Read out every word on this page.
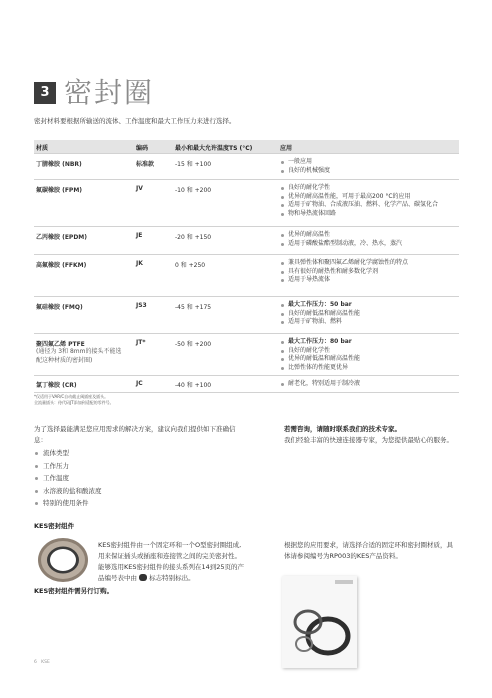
3 密封圈
密封材料要根据所输送的流体、工作温度和最大工作压力来进行选择。
材质	编码	最小和最大允许温度TS (°C)	应用
丁腈橡胶 (NBR)	标准款	-15 和 +100	一般应用
良好的机械强度
氟碳橡胶 (FPM)	JV	-10 和 +200	良好的耐化学性
优异的耐高温性能，可用于最高200 °C的应用
适用于矿物油、合成液压油、燃料、化学产品、碳氢化合
物和导热流体回路
乙丙橡胶 (EPDM)	JE	-20 和 +150	优异的耐高温性
适用于磷酸盐酯型制动液，冷、热水，蒸汽
高氟橡胶 (FFKM)	JK	0 和 +250	兼具弹性体和聚四氟乙烯耐化学腐蚀性的特点
具有很好的耐热性和耐多数化学剂
适用于导热流体
氟硅橡胶 (FMQ)	JS3	-45 和 +175	最大工作压力：50 bar
良好的耐低温和耐高温性能
适用于矿物油、燃料
聚四氟乙烯 PTFE
(通径为 3和 8mm的接头不能选
配这种材质的密封圈)
JT*	-50 和 +200	最大工作压力：80 bar
良好的耐化学性
优异的耐低温和耐高温性能
比弹性体的性能更优异
氯丁橡胶 (CR)	JC	-40 和 +100	耐老化，特别适用于制冷液
*仅适用于VAR/C自动截止阀插座及插头。
全流量插头：待代码JT添加到适配的零件号。
为了选择最能满足您应用需求的解决方案，建议向我们提供如下准确信息：
流体类型
工作压力
工作温度
水溶液的盐和酸浓度
特别的使用条件
若需咨询，请随时联系我们的技术专家。
我们经验丰富的快速连接器专家，为您提供最贴心的服务。
KES密封组件
KES密封组件由一个固定环和一个O型密封圈组成,
用来保证插头或插座和连接管之间的完美密封性。
能够选用KES密封组件的接头系列在14到25页的产
品编号表中由 标志特别标出。
KES密封组件需另行订购。
根据您的应用要求，请选择合适的固定环和密封圈材质，具
体请参阅编号为RP003的KES产品资料。
6 KSE
